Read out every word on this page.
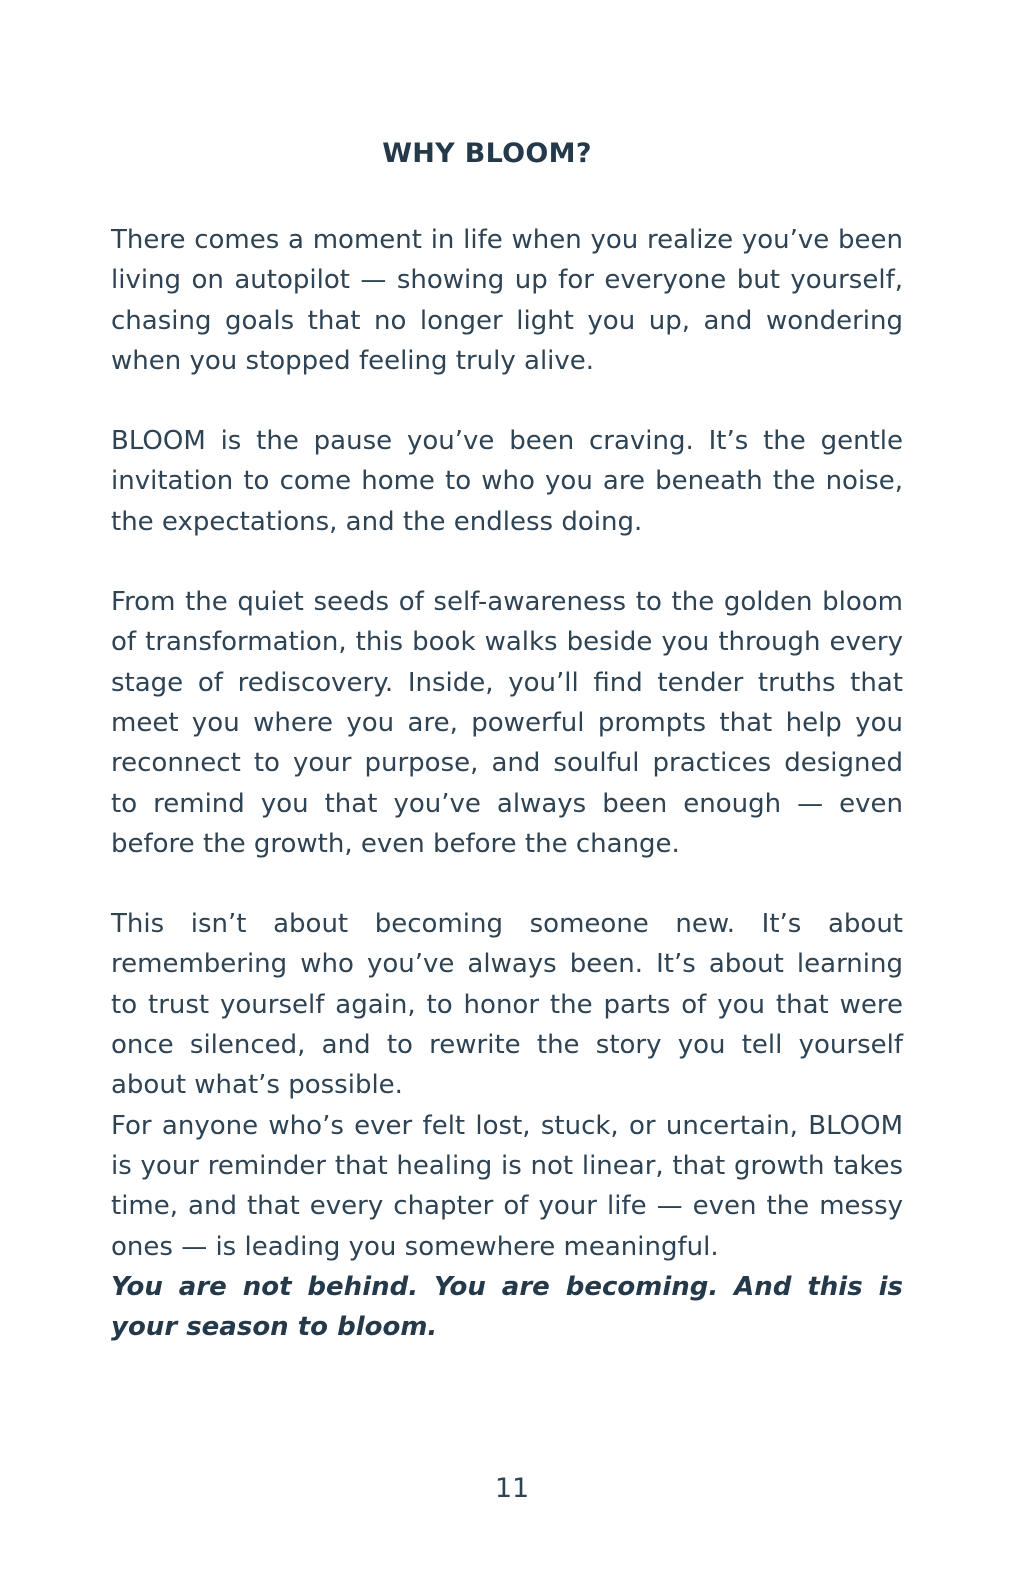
WHY BLOOM?

There comes a moment in life when you realize you’ve been living on autopilot — showing up for everyone but yourself, chasing goals that no longer light you up, and wondering when you stopped feeling truly alive.

BLOOM is the pause you’ve been craving. It’s the gentle invitation to come home to who you are beneath the noise, the expectations, and the endless doing.

From the quiet seeds of self-awareness to the golden bloom of transformation, this book walks beside you through every stage of rediscovery. Inside, you’ll find tender truths that meet you where you are, powerful prompts that help you reconnect to your purpose, and soulful practices designed to remind you that you’ve always been enough — even before the growth, even before the change.

This isn’t about becoming someone new. It’s about remembering who you’ve always been. It’s about learning to trust yourself again, to honor the parts of you that were once silenced, and to rewrite the story you tell yourself about what’s possible.

For anyone who’s ever felt lost, stuck, or uncertain, BLOOM is your reminder that healing is not linear, that growth takes time, and that every chapter of your life — even the messy ones — is leading you somewhere meaningful.

You are not behind. You are becoming. And this is your season to bloom.

11
